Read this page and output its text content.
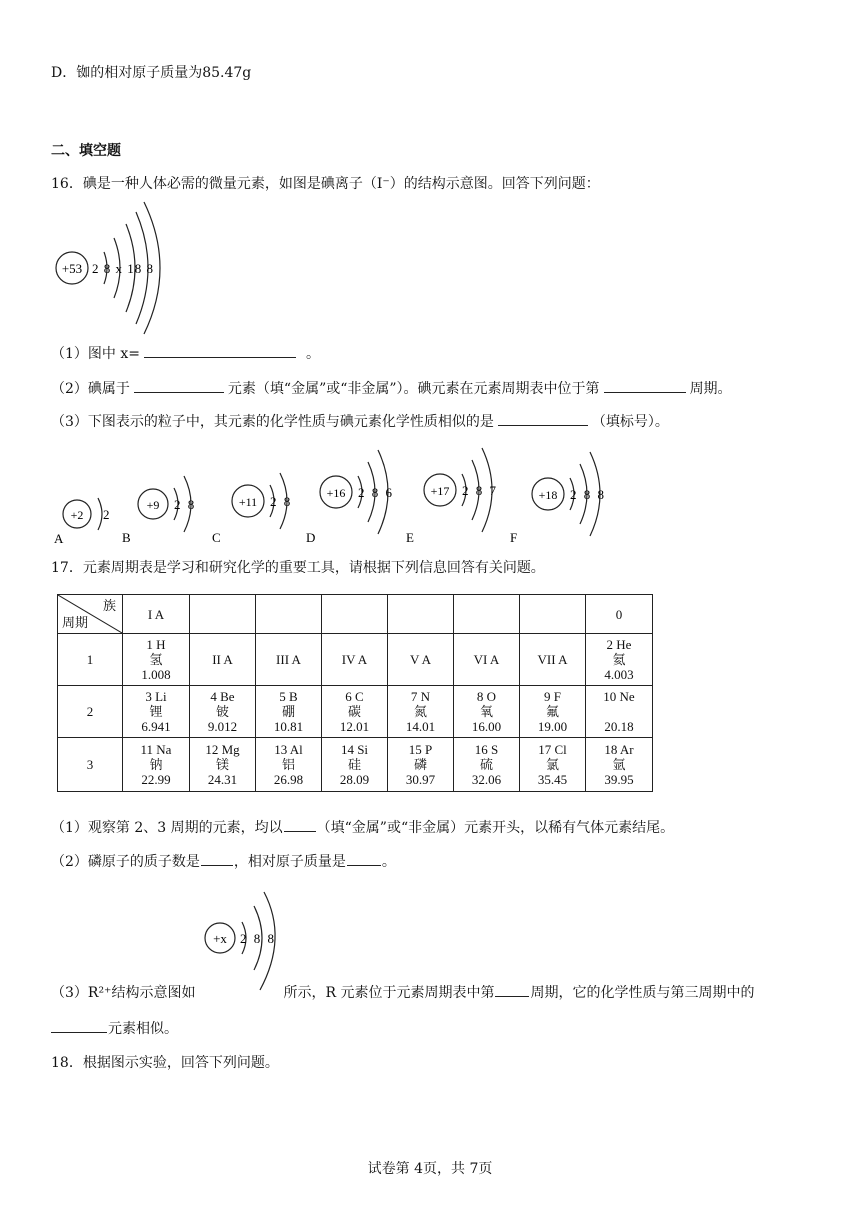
D．铷的相对原子质量为85.47g
二、填空题
16．碘是一种人体必需的微量元素，如图是碘离子（I⁻）的结构示意图。回答下列问题：
+53 2 8 x 18 8
（1）图中 x=	。
（2）碘属于	元素（填“金属”或“非金属”）。碘元素在元素周期表中位于第	周期。
（3）下图表示的粒子中，其元素的化学性质与碘元素化学性质相似的是	（填标号）。
+2 2
A
+9 2 8
B
+11 2 8
C
+16 2 8 6
D
+17 2 8 7
E
+18 2 8 8
F
17．元素周期表是学习和研究化学的重要工具，请根据下列信息回答有关问题。
族
周期	I A							0
1	1 H
氢
1.008	II A	III A	IV A	V A	VI A	VII A	2 He
氦
4.003

2	3 Li
锂
6.941	4 Be
铍
9.012	5 B
硼
10.81	6 C
碳
12.01	7 N
氮
14.01	8 O
氧
16.00	9 F
氟
19.00	10 Ne
20.18

3	11 Na
钠
22.99	12 Mg
镁
24.31	13 Al
铝
26.98	14 Si
硅
28.09	15 P
磷
30.97	16 S
硫
32.06	17 Cl
氯
35.45	18 Ar
氩
39.95
（1）观察第 2、3 周期的元素，均以 （填“金属”或“非金属）元素开头，以稀有气体元素结尾。
（2）磷原子的质子数是 ，相对原子质量是	。
+x 2 8 8
（3）R²⁺结构示意图如	所示，R 元素位于元素周期表中第	周期，它的化学性质与第三周期中的
元素相似。
18．根据图示实验，回答下列问题。
试卷第 4页，共 7页
